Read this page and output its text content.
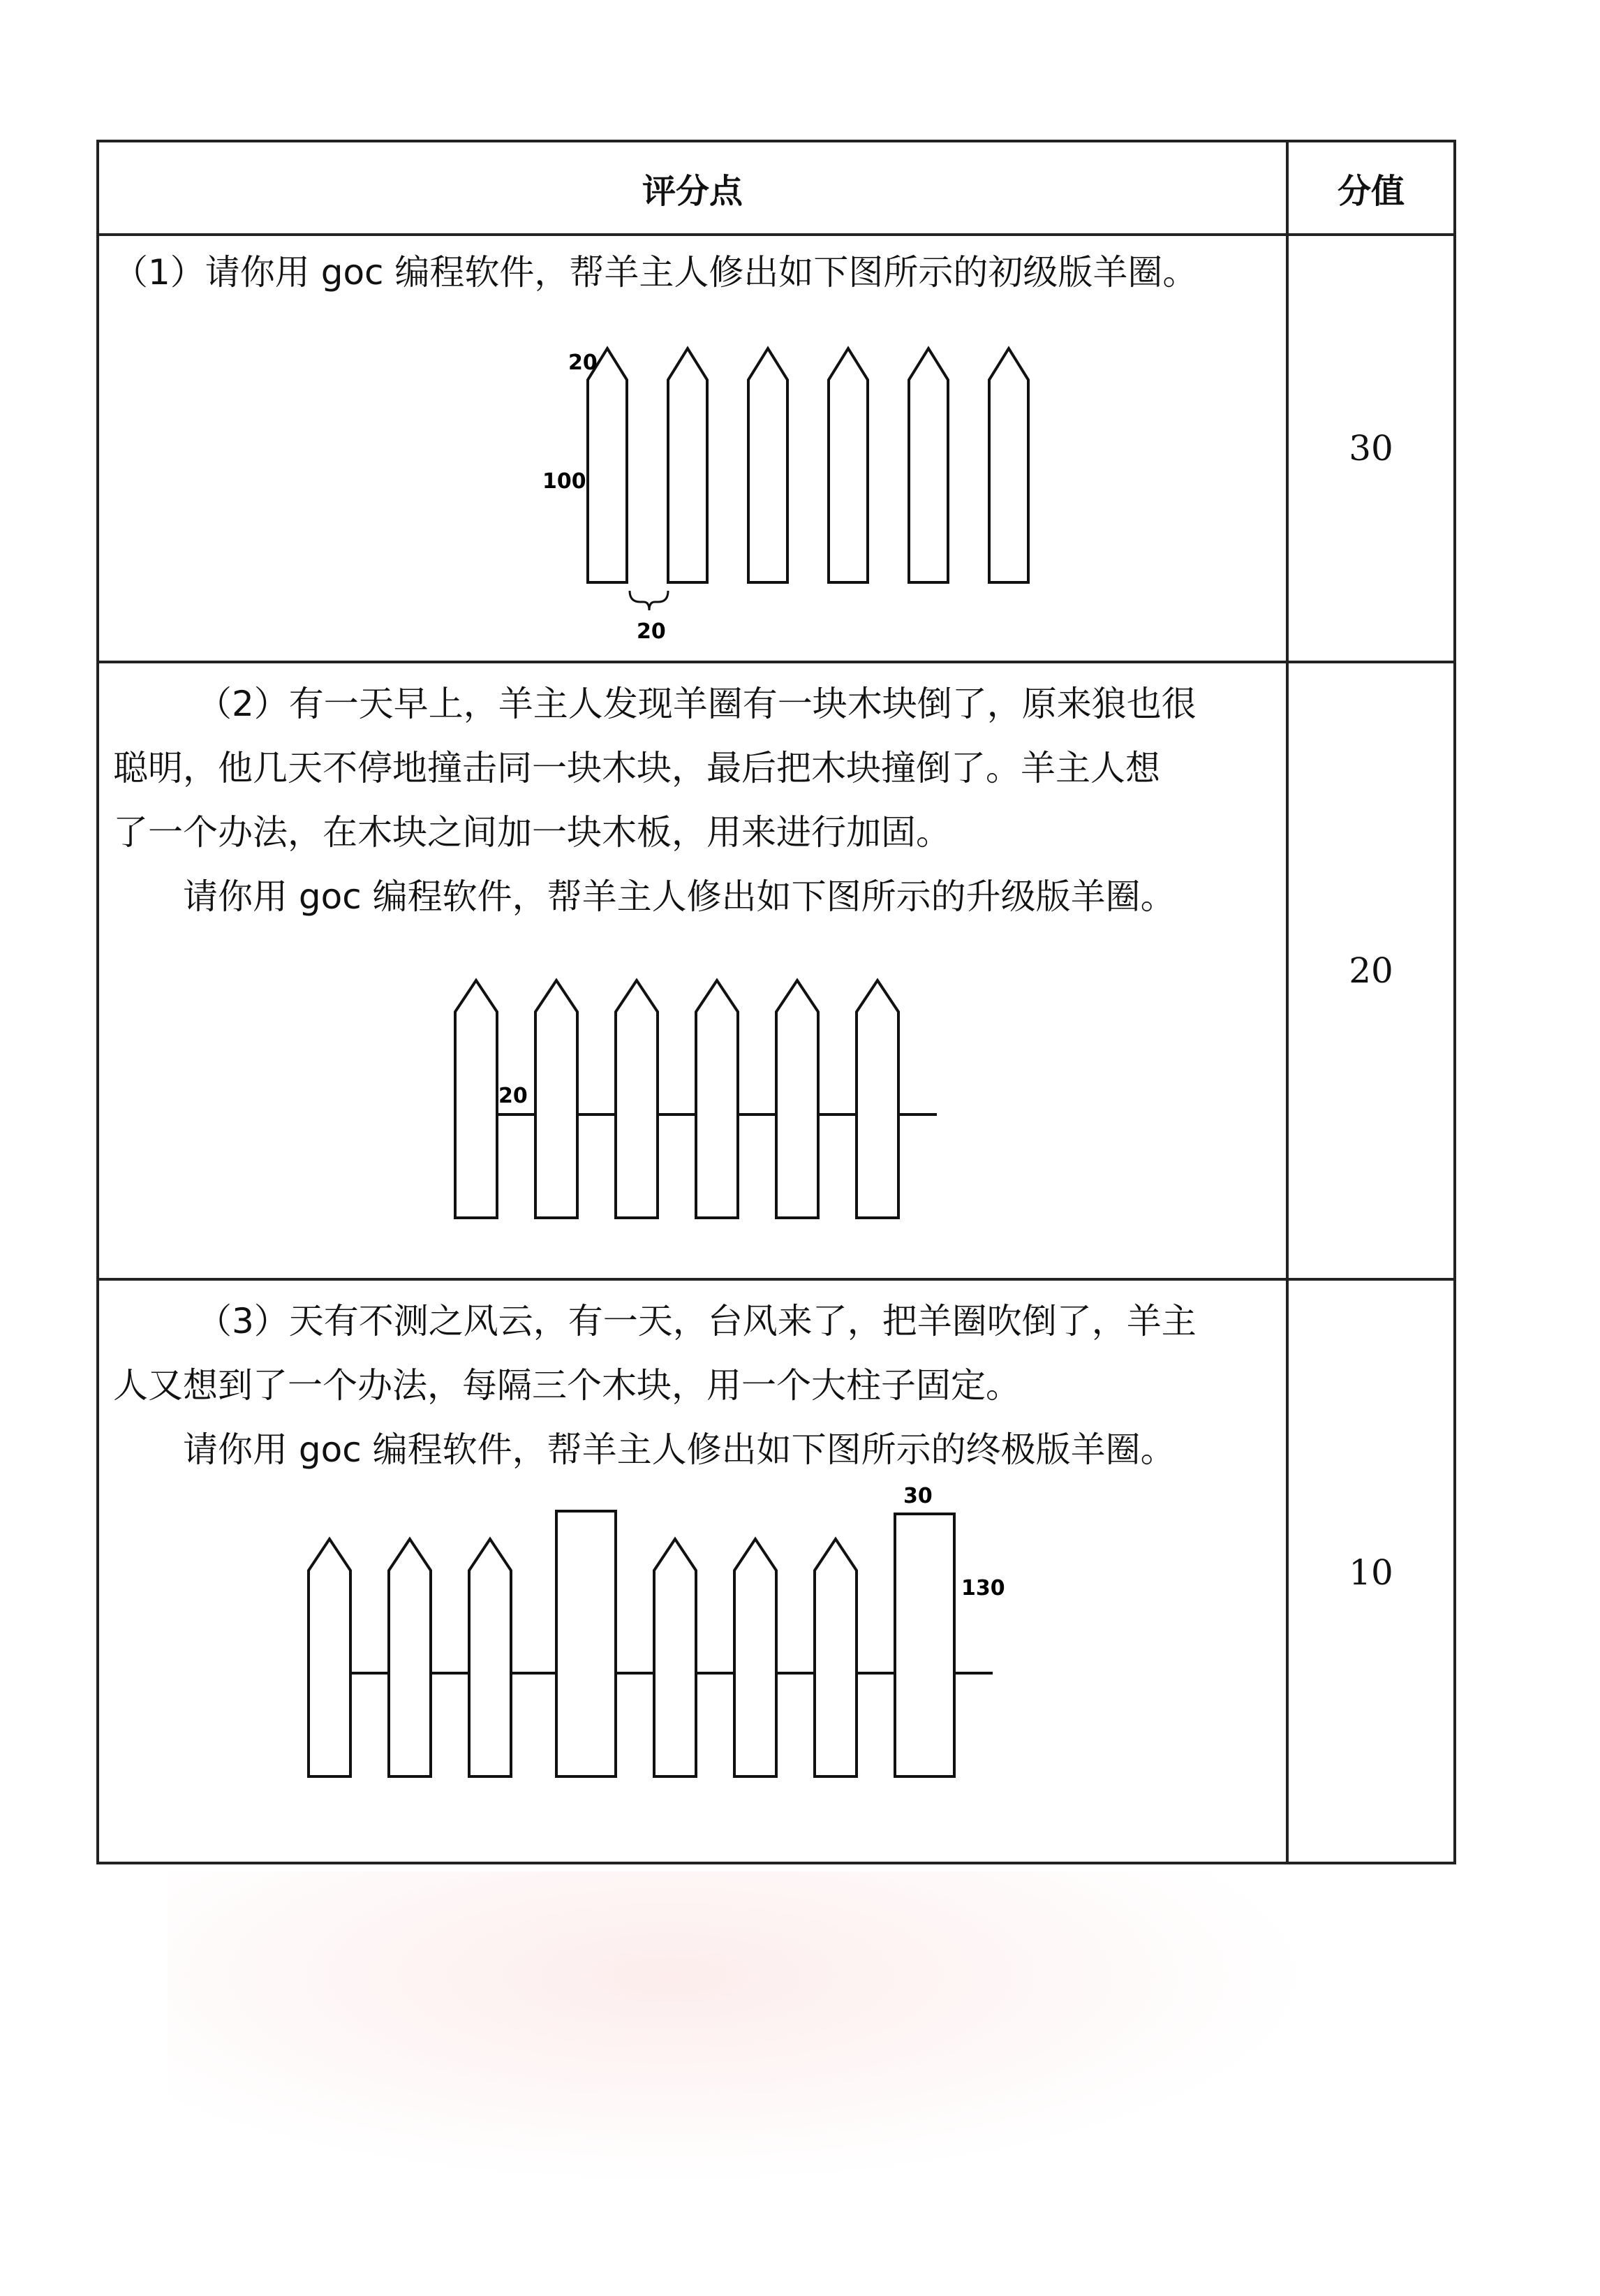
评分点	分值
（1）请你用 goc 编程软件，帮羊主人修出如下图所示的初级版羊圈。
30
20
100
20
（2）有一天早上，羊主人发现羊圈有一块木块倒了，原来狼也很
聪明，他几天不停地撞击同一块木块，最后把木块撞倒了。羊主人想
了一个办法，在木块之间加一块木板，用来进行加固。
请你用 goc 编程软件，帮羊主人修出如下图所示的升级版羊圈。
20
20
（3）天有不测之风云，有一天，台风来了，把羊圈吹倒了，羊主
人又想到了一个办法，每隔三个木块，用一个大柱子固定。
请你用 goc 编程软件，帮羊主人修出如下图所示的终极版羊圈。
10
30
130
